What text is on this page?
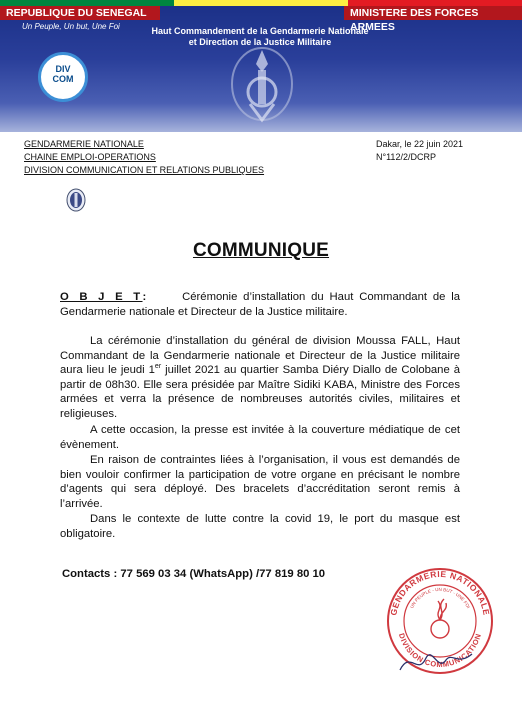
REPUBLIQUE DU SENEGAL	MINISTERE DES FORCES ARMEES
Un Peuple, Un but, Une Foi	Haut Commandement de la Gendarmerie Nationale
et Direction de la Justice Militaire
DIV COM
GENDARMERIE NATIONALE
CHAINE EMPLOI-OPERATIONS
DIVISION COMMUNICATION ET RELATIONS PUBLIQUES
Dakar, le 22 juin 2021
N°112/2/DCRP
COMMUNIQUE
O B J E T:	Cérémonie d’installation du Haut Commandant de la Gendarmerie nationale et Directeur de la Justice militaire.
La cérémonie d’installation du général de division Moussa FALL, Haut Commandant de la Gendarmerie nationale et Directeur de la Justice militaire aura lieu le jeudi 1er juillet 2021 au quartier Samba Diéry Diallo de Colobane à partir de 08h30. Elle sera présidée par Maître Sidiki KABA, Ministre des Forces armées et verra la présence de nombreuses autorités civiles, militaires et religieuses.
A cette occasion, la presse est invitée à la couverture médiatique de cet évènement.
En raison de contraintes liées à l’organisation, il vous est demandés de bien vouloir confirmer la participation de votre organe en précisant le nombre d’agents qui sera déployé. Des bracelets d’accréditation seront remis à l’arrivée.
Dans le contexte de lutte contre la covid 19, le port du masque est obligatoire.
Contacts : 77 569 03 34 (WhatsApp) /77 819 80 10
GENDARMERIE NATIONALE
DIVISION COMMUNICATION
UN PEUPLE - UN BUT - UNE FOI
